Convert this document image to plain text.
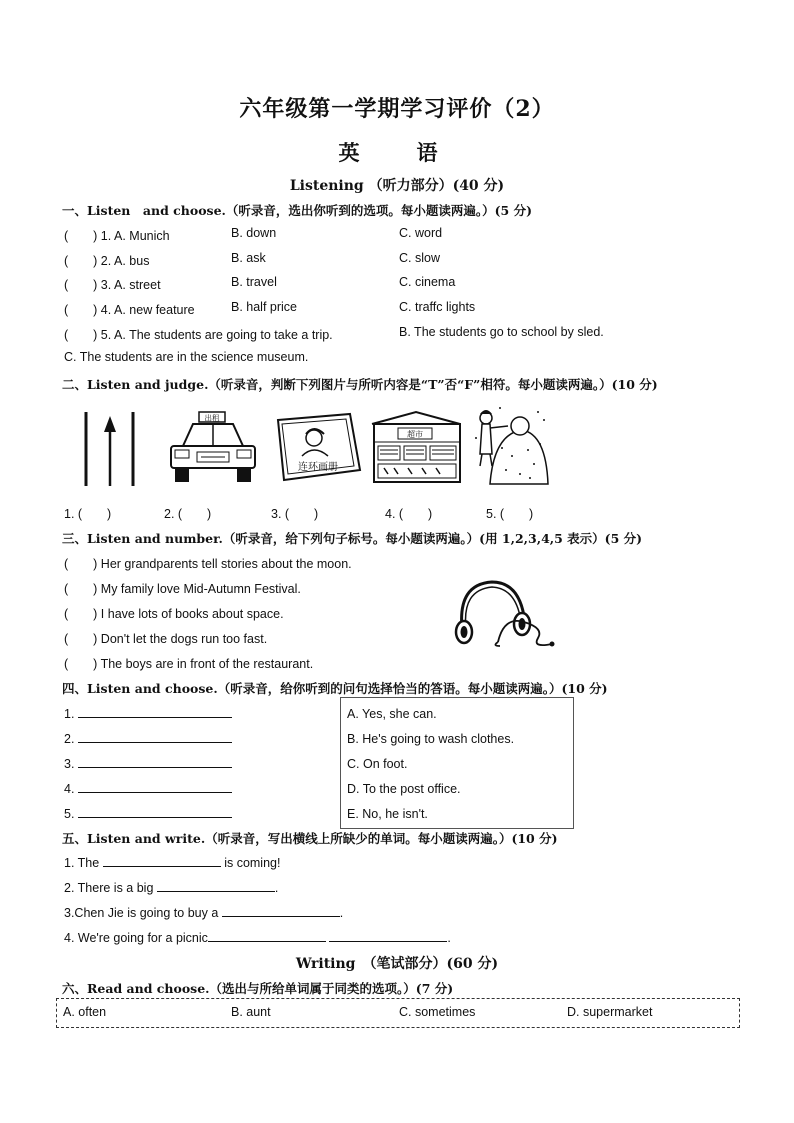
六年级第一学期学习评价（2）
英　语
Listening （听力部分）(40 分)
一、Listen　and choose.（听录音，选出你听到的选项。每小题读两遍。）(5 分)
(　　) 1. A. Munich	B. down	C. word
(　　) 2. A. bus	B. ask	C. slow
(　　) 3. A. street	B. travel	C. cinema
(　　) 4. A. new feature	B. half price	C. traffc lights
(　　) 5. A. The students are going to take a trip.	B. The students go to school by sled.
C. The students are in the science museum.
二、Listen and judge.（听录音，判断下列图片与所听内容是“T”否“F”相符。每小题读两遍。）(10 分)
出租
连环画册
超市
1. (　　)	2. (　　)	3. (　　)	4. (　　)	5. (　　)
三、Listen and number.（听录音，给下列句子标号。每小题读两遍。）(用 1,2,3,4,5 表示）(5 分)
(　　) Her grandparents tell stories about the moon.
(　　) My family love Mid-Autumn Festival.
(　　) I have lots of books about space.
(　　) Don't let the dogs run too fast.
(　　) The boys are in front of the restaurant.
四、Listen and choose.（听录音，给你听到的问句选择恰当的答语。每小题读两遍。）(10 分)
1.
2.
3.
4.
5.
A. Yes, she can.
B. He's going to wash clothes.
C. On foot.
D. To the post office.
E. No, he isn't.
五、Listen and write.（听录音，写出横线上所缺少的单词。每小题读两遍。）(10 分)
1. The	is coming!
2. There is a big	.
3.Chen Jie is going to buy a	.
4. We're going for a picnic	.
Writing　（笔试部分）(60 分)
六、Read and choose.（选出与所给单词属于同类的选项。）(7 分)
A. often	B. aunt	C. sometimes	D. supermarket
